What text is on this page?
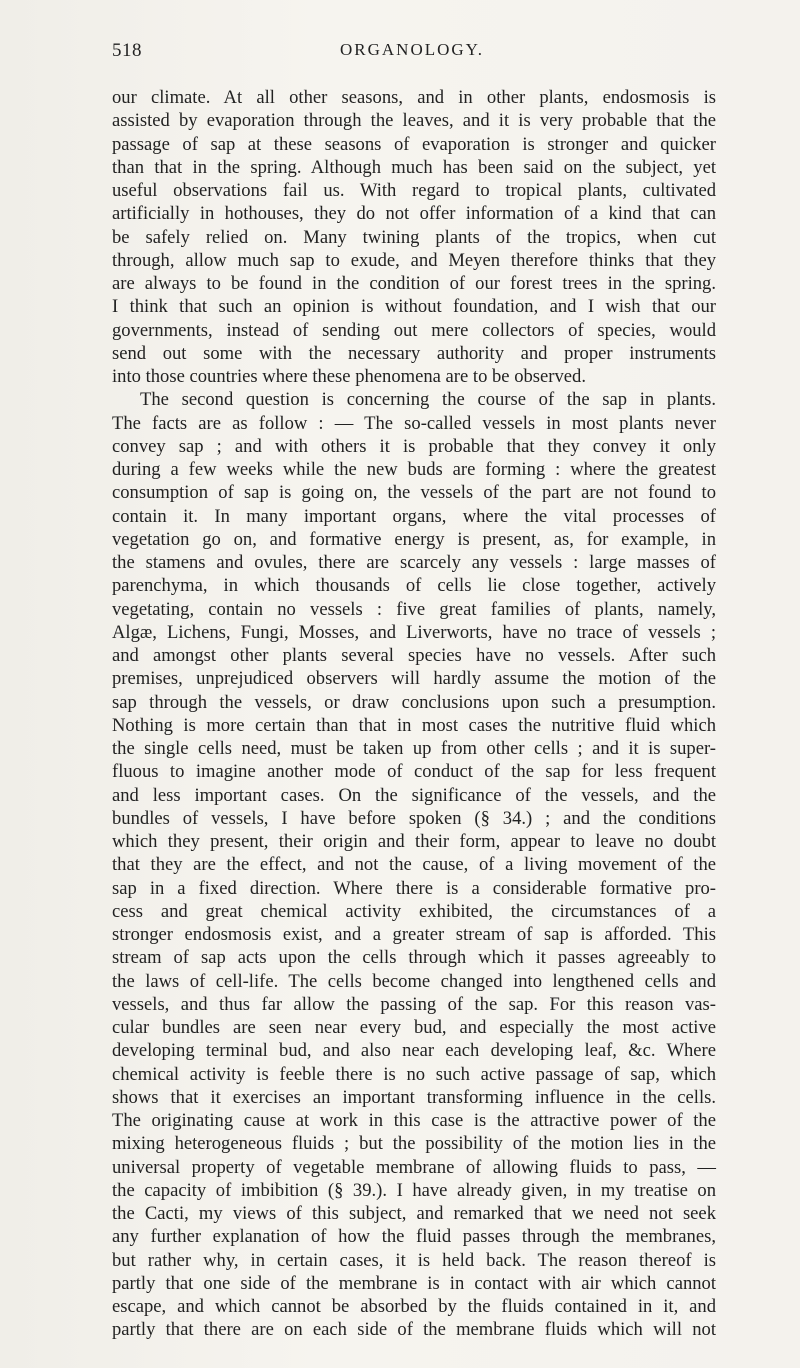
518	ORGANOLOGY.

our climate. At all other seasons, and in other plants, endosmosis is

assisted by evaporation through the leaves, and it is very probable that the

passage of sap at these seasons of evaporation is stronger and quicker

than that in the spring. Although much has been said on the subject, yet

useful observations fail us. With regard to tropical plants, cultivated

artificially in hothouses, they do not offer information of a kind that can

be safely relied on. Many twining plants of the tropics, when cut

through, allow much sap to exude, and Meyen therefore thinks that they

are always to be found in the condition of our forest trees in the spring.

I think that such an opinion is without foundation, and I wish that our

governments, instead of sending out mere collectors of species, would

send out some with the necessary authority and proper instruments

into those countries where these phenomena are to be observed.

The second question is concerning the course of the sap in plants.

The facts are as follow : — The so-called vessels in most plants never

convey sap ; and with others it is probable that they convey it only

during a few weeks while the new buds are forming : where the greatest

consumption of sap is going on, the vessels of the part are not found to

contain it. In many important organs, where the vital processes of

vegetation go on, and formative energy is present, as, for example, in

the stamens and ovules, there are scarcely any vessels : large masses of

parenchyma, in which thousands of cells lie close together, actively

vegetating, contain no vessels : five great families of plants, namely,

Algæ, Lichens, Fungi, Mosses, and Liverworts, have no trace of vessels ;

and amongst other plants several species have no vessels. After such

premises, unprejudiced observers will hardly assume the motion of the

sap through the vessels, or draw conclusions upon such a presumption.

Nothing is more certain than that in most cases the nutritive fluid which

the single cells need, must be taken up from other cells ; and it is super-

fluous to imagine another mode of conduct of the sap for less frequent

and less important cases. On the significance of the vessels, and the

bundles of vessels, I have before spoken (§ 34.) ; and the conditions

which they present, their origin and their form, appear to leave no doubt

that they are the effect, and not the cause, of a living movement of the

sap in a fixed direction. Where there is a considerable formative pro-

cess and great chemical activity exhibited, the circumstances of a

stronger endosmosis exist, and a greater stream of sap is afforded. This

stream of sap acts upon the cells through which it passes agreeably to

the laws of cell-life. The cells become changed into lengthened cells and

vessels, and thus far allow the passing of the sap. For this reason vas-

cular bundles are seen near every bud, and especially the most active

developing terminal bud, and also near each developing leaf, &c. Where

chemical activity is feeble there is no such active passage of sap, which

shows that it exercises an important transforming influence in the cells.

The originating cause at work in this case is the attractive power of the

mixing heterogeneous fluids ; but the possibility of the motion lies in the

universal property of vegetable membrane of allowing fluids to pass, —

the capacity of imbibition (§ 39.). I have already given, in my treatise on

the Cacti, my views of this subject, and remarked that we need not seek

any further explanation of how the fluid passes through the membranes,

but rather why, in certain cases, it is held back. The reason thereof is

partly that one side of the membrane is in contact with air which cannot

escape, and which cannot be absorbed by the fluids contained in it, and

partly that there are on each side of the membrane fluids which will not
